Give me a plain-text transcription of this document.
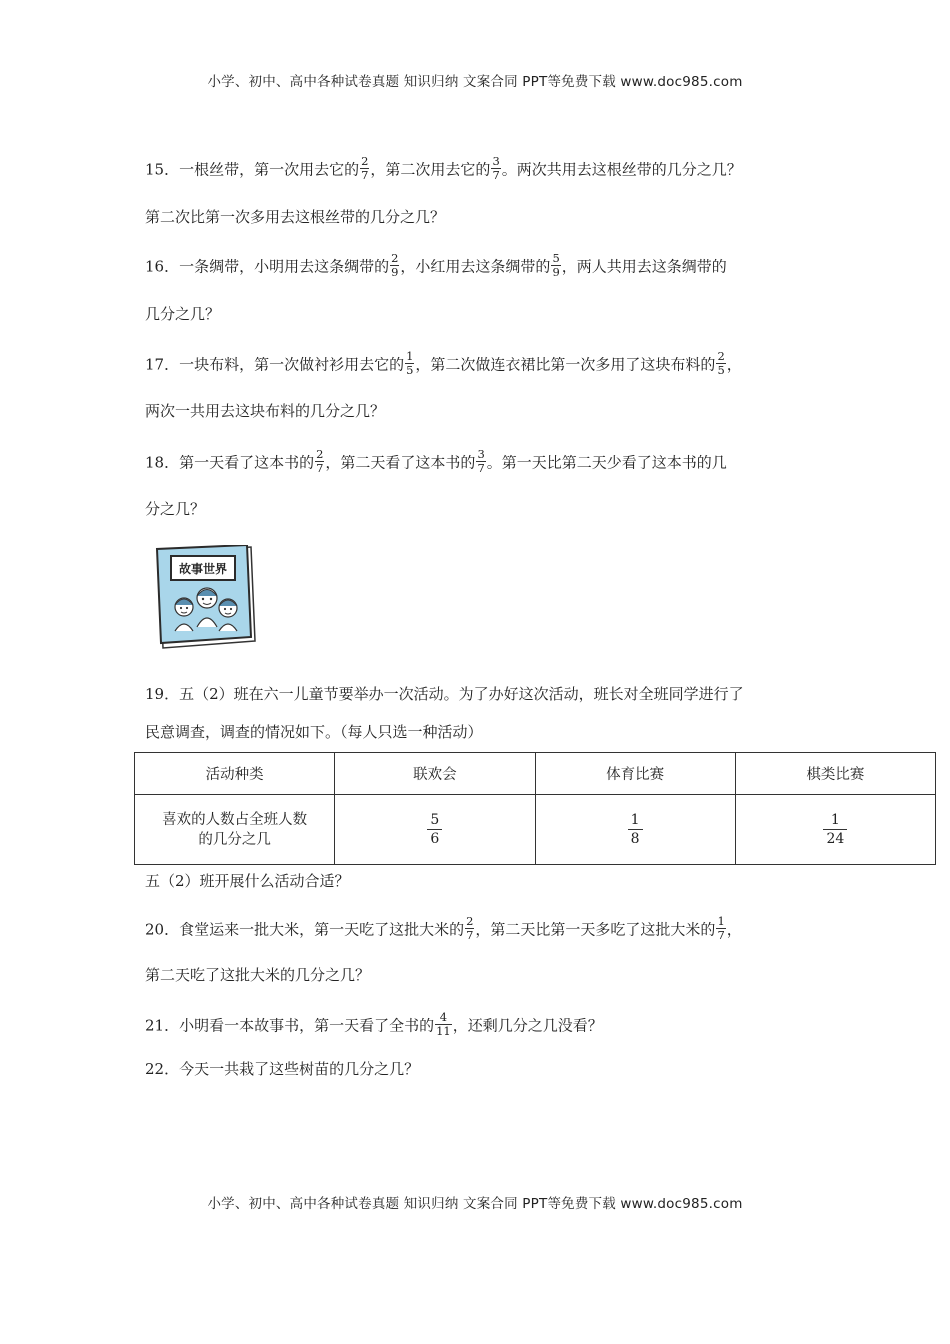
小学、初中、高中各种试卷真题 知识归纳 文案合同 PPT等免费下载 www.doc985.com
15．一根丝带，第一次用去它的 $\frac{2}{7}$ ，第二次用去它的 $\frac{3}{7}$ 。两次共用去这根丝带的几分之几？
第二次比第一次多用去这根丝带的几分之几？
16．一条绸带，小明用去这条绸带的 $\frac{2}{9}$ ，小红用去这条绸带的 $\frac{5}{9}$ ，两人共用去这条绸带的
几分之几？
17．一块布料，第一次做衬衫用去它的 $\frac{1}{5}$ ，第二次做连衣裙比第一次多用了这块布料的 $\frac{2}{5}$ ，
两次一共用去这块布料的几分之几？
18．第一天看了这本书的 $\frac{2}{7}$ ，第二天看了这本书的 $\frac{3}{7}$ 。第一天比第二天少看了这本书的几
分之几？
故事世界
19．五（2）班在六一儿童节要举办一次活动。为了办好这次活动，班长对全班同学进行了
民意调查，调查的情况如下。（每人只选一种活动）
活动种类	联欢会	体育比赛	棋类比赛
喜欢的人数占全班人数
的几分之几	$\frac{5}{6}$	$\frac{1}{8}$	$\frac{1}{24}$
五（2）班开展什么活动合适？
20．食堂运来一批大米，第一天吃了这批大米的 $\frac{2}{7}$ ，第二天比第一天多吃了这批大米的 $\frac{1}{7}$ ，
第二天吃了这批大米的几分之几？
21．小明看一本故事书，第一天看了全书的 $\frac{4}{11}$ ，还剩几分之几没看？
22．今天一共栽了这些树苗的几分之几？
小学、初中、高中各种试卷真题 知识归纳 文案合同 PPT等免费下载 www.doc985.com
